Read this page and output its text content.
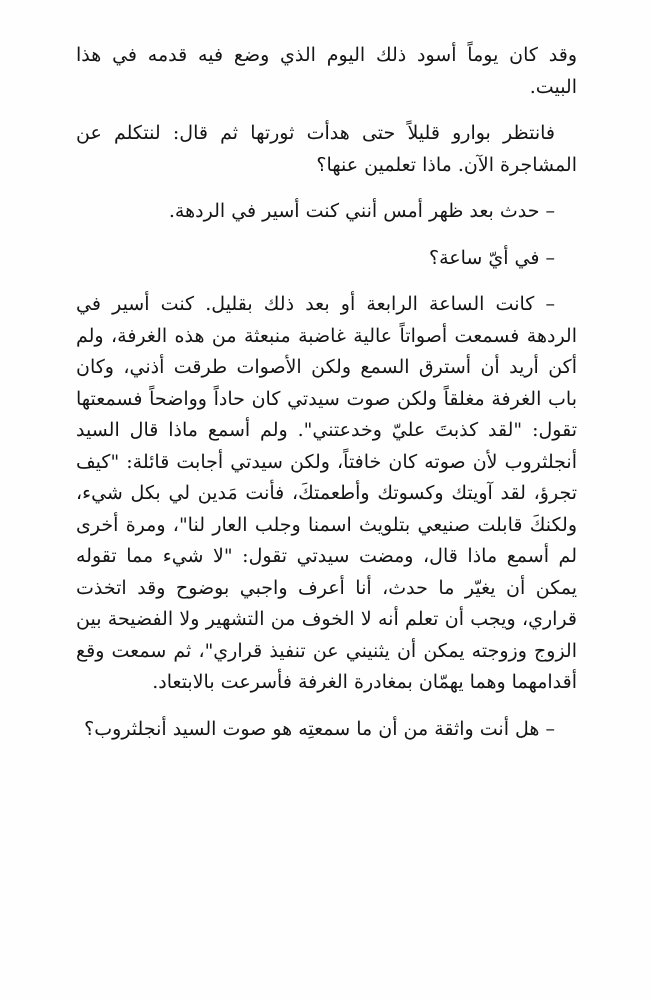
وقد كان يوماً أسود ذلك اليوم الذي وضع فيه قدمه في هذا البيت.

فانتظر بوارو قليلاً حتى هدأت ثورتها ثم قال: لنتكلم عن المشاجرة الآن. ماذا تعلمين عنها؟

– حدث بعد ظهر أمس أنني كنت أسير في الردهة.

– في أيّ ساعة؟

– كانت الساعة الرابعة أو بعد ذلك بقليل. كنت أسير في الردهة فسمعت أصواتاً عالية غاضبة منبعثة من هذه الغرفة، ولم أكن أريد أن أسترق السمع ولكن الأصوات طرقت أذني، وكان باب الغرفة مغلقاً ولكن صوت سيدتي كان حاداً وواضحاً فسمعتها تقول: "لقد كذبتَ عليّ وخدعتني". ولم أسمع ماذا قال السيد أنجلثروب لأن صوته كان خافتاً، ولكن سيدتي أجابت قائلة: "كيف تجرؤ، لقد آويتك وكسوتك وأطعمتكَ، فأنت مَدين لي بكل شيء، ولكنكَ قابلت صنيعي بتلويث اسمنا وجلب العار لنا"، ومرة أخرى لم أسمع ماذا قال، ومضت سيدتي تقول: "لا شيء مما تقوله يمكن أن يغيّر ما حدث، أنا أعرف واجبي بوضوح وقد اتخذت قراري، ويجب أن تعلم أنه لا الخوف من التشهير ولا الفضيحة بين الزوج وزوجته يمكن أن يثنيني عن تنفيذ قراري"، ثم سمعت وقع أقدامهما وهما يهمّان بمغادرة الغرفة فأسرعت بالابتعاد.

– هل أنت واثقة من أن ما سمعتِه هو صوت السيد أنجلثروب؟
